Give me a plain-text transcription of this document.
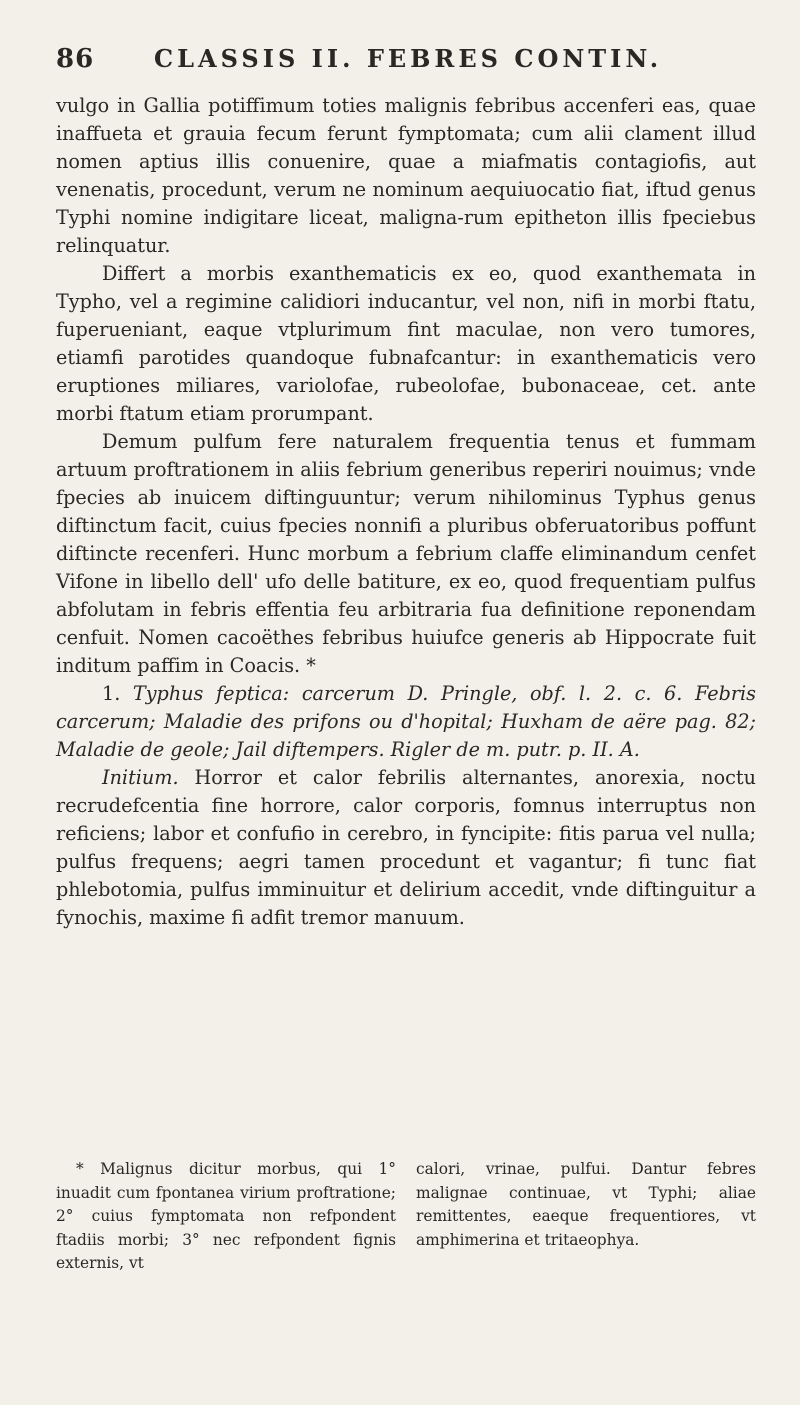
86	CLASSIS II. FEBRES CONTIN.

vulgo in Gallia potiffimum toties malignis febribus accenferi eas, quae inaffueta et grauia fecum ferunt fymptomata; cum alii clament illud nomen aptius illis conuenire, quae a miafmatis contagiofis, aut venenatis, procedunt, verum ne nominum aequiuocatio fiat, iftud genus Typhi nomine indigitare liceat, maligna-rum epitheton illis fpeciebus relinquatur.

Differt a morbis exanthematicis ex eo, quod exanthemata in Typho, vel a regimine calidiori inducantur, vel non, nifi in morbi ftatu, fuperueniant, eaque vtplurimum fint maculae, non vero tumores, etiamfi parotides quandoque fubnafcantur: in exanthematicis vero eruptiones miliares, variolofae, rubeolofae, bubonaceae, cet. ante morbi ftatum etiam prorumpant.

Demum pulfum fere naturalem frequentia tenus et fummam artuum proftrationem in aliis febrium generibus reperiri nouimus; vnde fpecies ab inuicem diftinguuntur; verum nihilominus Typhus genus diftinctum facit, cuius fpecies nonnifi a pluribus obferuatoribus poffunt diftincte recenferi. Hunc morbum a febrium claffe eliminandum cenfet Vifone in libello dell' ufo delle batiture, ex eo, quod frequentiam pulfus abfolutam in febris effentia feu arbitraria fua definitione reponendam cenfuit. Nomen cacoëthes febribus huiufce generis ab Hippocrate fuit inditum paffim in Coacis. *

1. Typhus feptica: carcerum D. Pringle, obf. l. 2. c. 6. Febris carcerum; Maladie des prifons ou d'hopital; Huxham de aëre pag. 82; Maladie de geole; Jail diftempers. Rigler de m. putr. p. II. A.

Initium. Horror et calor febrilis alternantes, anorexia, noctu recrudefcentia fine horrore, calor corporis, fomnus interruptus non reficiens; labor et confufio in cerebro, in fyncipite: fitis parua vel nulla; pulfus frequens; aegri tamen procedunt et vagantur; fi tunc fiat phlebotomia, pulfus imminuitur et delirium accedit, vnde diftinguitur a fynochis, maxime fi adfit tremor manuum.

* Malignus dicitur morbus, qui 1° inuadit cum fpontanea virium proftratione; 2° cuius fymptomata non refpondent ftadiis morbi; 3° nec refpondent fignis externis, vt
calori, vrinae, pulfui. Dantur febres malignae continuae, vt Typhi; aliae remittentes, eaeque frequentiores, vt amphimerina et tritaeophya.
